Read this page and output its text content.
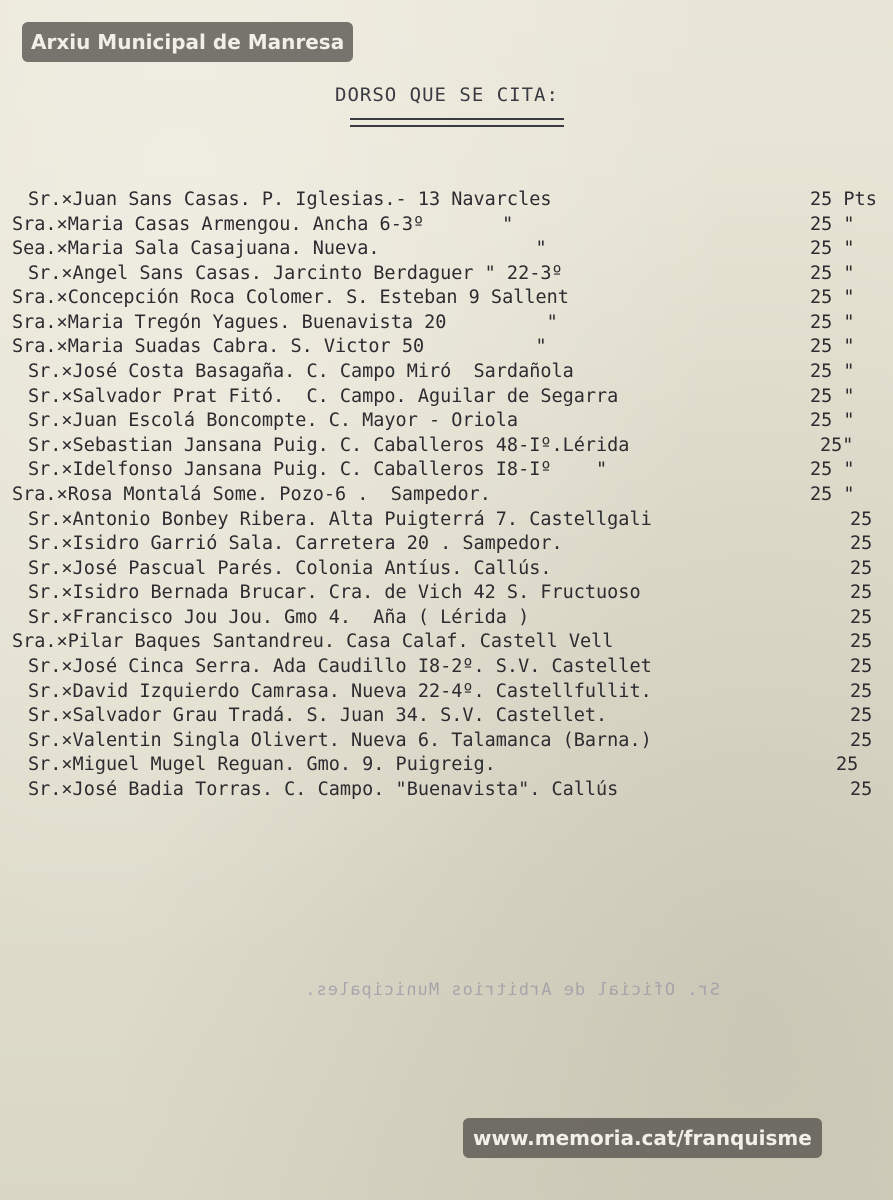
Arxiu Municipal de Manresa
DORSO QUE SE CITA:
Sr.×Juan Sans Casas. P. Iglesias.- 13 Navarcles	25 Pts
Sra.×Maria Casas Armengou. Ancha 6-3º       "	25 "
Sea.×Maria Sala Casajuana. Nueva.              "	25 "
Sr.×Angel Sans Casas. Jarcinto Berdaguer " 22-3º	25 "
Sra.×Concepción Roca Colomer. S. Esteban 9 Sallent	25 "
Sra.×Maria Tregón Yagues. Buenavista 20         "	25 "
Sra.×Maria Suadas Cabra. S. Victor 50          "	25 "
Sr.×José Costa Basagaña. C. Campo Miró  Sardañola	25 "
Sr.×Salvador Prat Fitó.  C. Campo. Aguilar de Segarra	25 "
Sr.×Juan Escolá Boncompte. C. Mayor - Oriola	25 "
Sr.×Sebastian Jansana Puig. C. Caballeros 48-Iº.Lérida	25"
Sr.×Idelfonso Jansana Puig. C. Caballeros I8-Iº    "	25 "
Sra.×Rosa Montalá Some. Pozo-6 .  Sampedor.	25 "
Sr.×Antonio Bonbey Ribera. Alta Puigterrá 7. Castellgali	25
Sr.×Isidro Garrió Sala. Carretera 20 . Sampedor.	25
Sr.×José Pascual Parés. Colonia Antíus. Callús.	25
Sr.×Isidro Bernada Brucar. Cra. de Vich 42 S. Fructuoso	25
Sr.×Francisco Jou Jou. Gmo 4.  Aña ( Lérida )	25
Sra.×Pilar Baques Santandreu. Casa Calaf. Castell Vell	25
Sr.×José Cinca Serra. Ada Caudillo I8-2º. S.V. Castellet	25
Sr.×David Izquierdo Camrasa. Nueva 22-4º. Castellfullit.	25
Sr.×Salvador Grau Tradá. S. Juan 34. S.V. Castellet.	25
Sr.×Valentin Singla Olivert. Nueva 6. Talamanca (Barna.)	25
Sr.×Miguel Mugel Reguan. Gmo. 9. Puigreig.	25
Sr.×José Badia Torras. C. Campo. "Buenavista". Callús	25
Sr. Oficial de Arbitrios Municipales.
www.memoria.cat/franquisme
